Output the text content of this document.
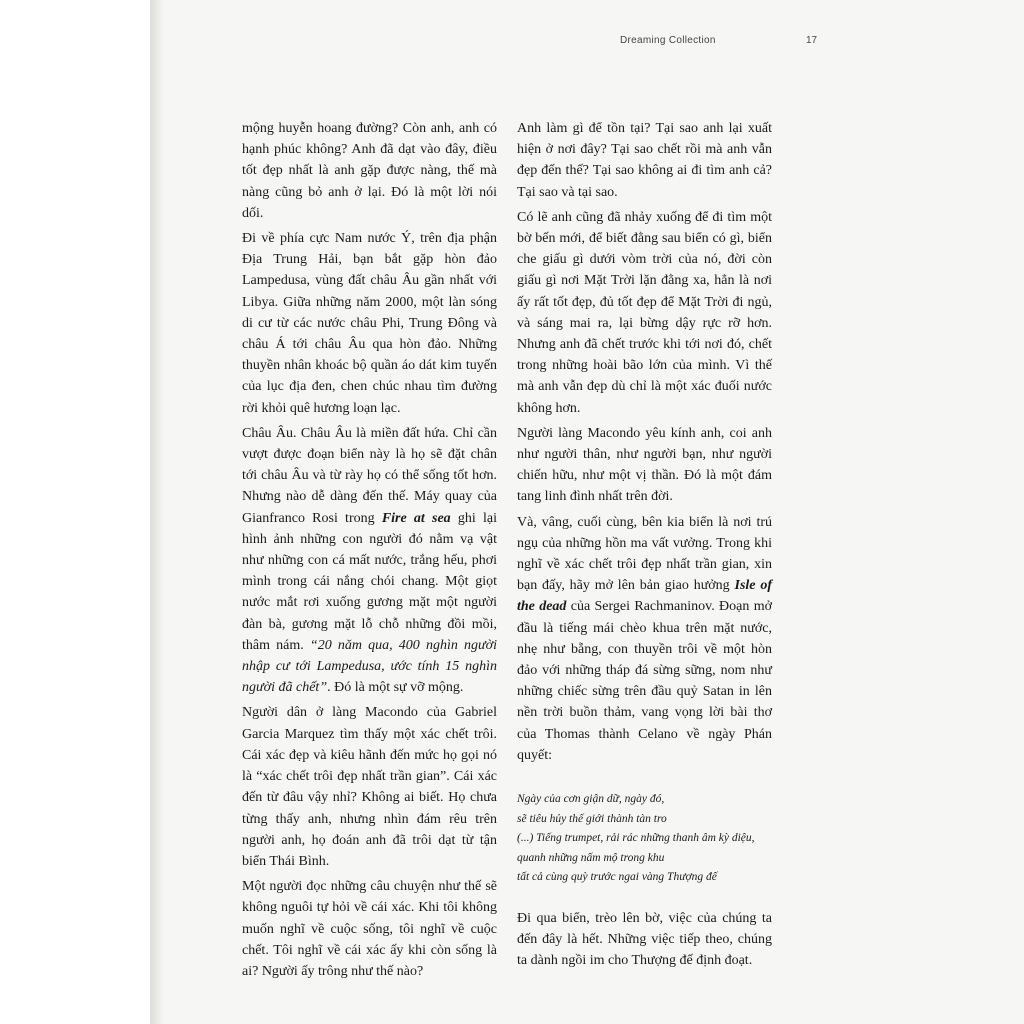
Dreaming Collection	17

mộng huyễn hoang đường? Còn anh, anh có hạnh phúc không? Anh đã dạt vào đây, điều tốt đẹp nhất là anh gặp được nàng, thế mà nàng cũng bỏ anh ở lại. Đó là một lời nói dối.

Đi về phía cực Nam nước Ý, trên địa phận Địa Trung Hải, bạn bắt gặp hòn đảo Lampedusa, vùng đất châu Âu gần nhất với Libya. Giữa những năm 2000, một làn sóng di cư từ các nước châu Phi, Trung Đông và châu Á tới châu Âu qua hòn đảo. Những thuyền nhân khoác bộ quần áo dát kim tuyến của lục địa đen, chen chúc nhau tìm đường rời khỏi quê hương loạn lạc.

Châu Âu. Châu Âu là miền đất hứa. Chỉ cần vượt được đoạn biển này là họ sẽ đặt chân tới châu Âu và từ rày họ có thể sống tốt hơn. Nhưng nào dễ dàng đến thế. Máy quay của Gianfranco Rosi trong Fire at sea ghi lại hình ảnh những con người đó nằm vạ vật như những con cá mất nước, trắng hếu, phơi mình trong cái nắng chói chang. Một giọt nước mắt rơi xuống gương mặt một người đàn bà, gương mặt lỗ chỗ những đồi mồi, thâm nám. “20 năm qua, 400 nghìn người nhập cư tới Lampedusa, ước tính 15 nghìn người đã chết”. Đó là một sự vỡ mộng.

Người dân ở làng Macondo của Gabriel Garcia Marquez tìm thấy một xác chết trôi. Cái xác đẹp và kiêu hãnh đến mức họ gọi nó là “xác chết trôi đẹp nhất trần gian”. Cái xác đến từ đâu vậy nhỉ? Không ai biết. Họ chưa từng thấy anh, nhưng nhìn đám rêu trên người anh, họ đoán anh đã trôi dạt từ tận biển Thái Bình.

Một người đọc những câu chuyện như thế sẽ không nguôi tự hỏi về cái xác. Khi tôi không muốn nghĩ về cuộc sống, tôi nghĩ về cuộc chết. Tôi nghĩ về cái xác ấy khi còn sống là ai? Người ấy trông như thế nào?

Anh làm gì để tồn tại? Tại sao anh lại xuất hiện ở nơi đây? Tại sao chết rồi mà anh vẫn đẹp đến thế? Tại sao không ai đi tìm anh cả? Tại sao và tại sao.

Có lẽ anh cũng đã nhảy xuống để đi tìm một bờ bến mới, để biết đằng sau biển có gì, biển che giấu gì dưới vòm trời của nó, đời còn giấu gì nơi Mặt Trời lặn đằng xa, hẳn là nơi ấy rất tốt đẹp, đủ tốt đẹp để Mặt Trời đi ngủ, và sáng mai ra, lại bừng dậy rực rỡ hơn. Nhưng anh đã chết trước khi tới nơi đó, chết trong những hoài bão lớn của mình. Vì thế mà anh vẫn đẹp dù chỉ là một xác đuối nước không hơn.

Người làng Macondo yêu kính anh, coi anh như người thân, như người bạn, như người chiến hữu, như một vị thần. Đó là một đám tang linh đình nhất trên đời.

Và, vâng, cuối cùng, bên kia biển là nơi trú ngụ của những hồn ma vất vưởng. Trong khi nghĩ về xác chết trôi đẹp nhất trần gian, xin bạn đấy, hãy mở lên bản giao hưởng Isle of the dead của Sergei Rachmaninov. Đoạn mở đầu là tiếng mái chèo khua trên mặt nước, nhẹ như bẵng, con thuyền trôi về một hòn đảo với những tháp đá sừng sững, nom như những chiếc sừng trên đầu quỷ Satan in lên nền trời buồn thảm, vang vọng lời bài thơ của Thomas thành Celano về ngày Phán quyết:

Ngày của cơn giận dữ, ngày đó,
sẽ tiêu hủy thế giới thành tàn tro
(...) Tiếng trumpet, rải rác những thanh âm kỳ diệu,
quanh những nấm mộ trong khu
tất cả cùng quỳ trước ngai vàng Thượng đế

Đi qua biển, trèo lên bờ, việc của chúng ta đến đây là hết. Những việc tiếp theo, chúng ta dành ngồi im cho Thượng đế định đoạt.
